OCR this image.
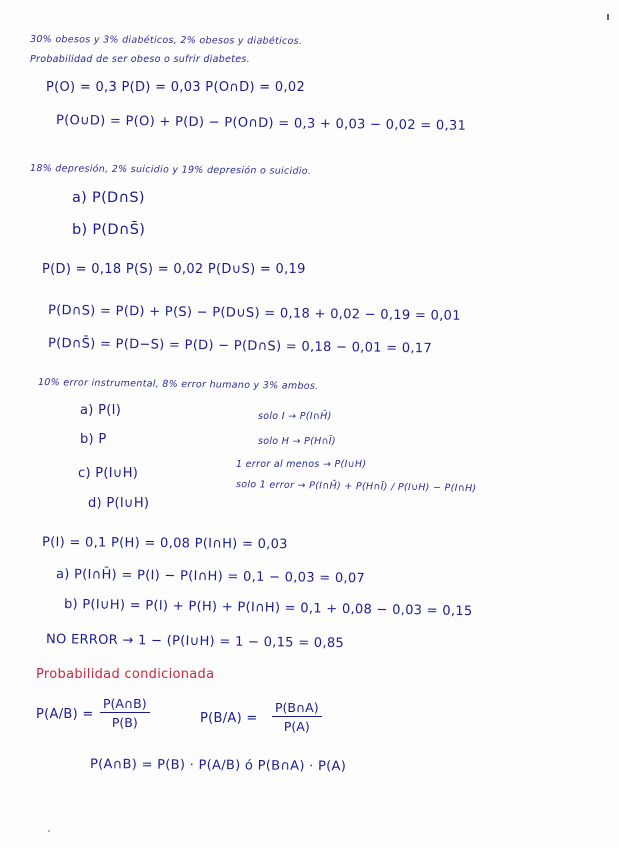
30% obesos y 3% diabéticos, 2% obesos y diabéticos.
Probabilidad de ser obeso o sufrir diabetes.
P(O) = 0,3 P(D) = 0,03 P(O∩D) = 0,02
P(O∪D) = P(O) + P(D) − P(O∩D) = 0,3 + 0,03 − 0,02 = 0,31
18% depresión, 2% suicidio y 19% depresión o suicidio.
a) P(D∩S)
b) P(D∩S̄)
P(D) = 0,18 P(S) = 0,02 P(D∪S) = 0,19
P(D∩S) = P(D) + P(S) − P(D∪S) = 0,18 + 0,02 − 0,19 = 0,01
P(D∩S̄) = P(D−S) = P(D) − P(D∩S) = 0,18 − 0,01 = 0,17
10% error instrumental, 8% error humano y 3% ambos.
a) P(I)	solo I → P(I∩H̄)
b) P	solo H → P(H∩Ī)
1 error al menos → P(I∪H)
c) P(I∪H)
solo 1 error → P(I∩H̄) + P(H∩Ī) / P(I∪H) − P(I∩H)
d) P(I∪H)
P(I) = 0,1 P(H) = 0,08 P(I∩H) = 0,03
a) P(I∩H̄) = P(I) − P(I∩H) = 0,1 − 0,03 = 0,07
b) P(I∪H) = P(I) + P(H) + P(I∩H) = 0,1 + 0,08 − 0,03 = 0,15
NO ERROR → 1 − (P(I∪H) = 1 − 0,15 = 0,85
Probabilidad condicionada
$P(A/B) = \frac{P(A\cap B)}{P(B)}$	$P(B/A) = \frac{P(B\cap A)}{P(A)}$
P(A∩B) = P(B) · P(A/B) ó P(B∩A) · P(A)
